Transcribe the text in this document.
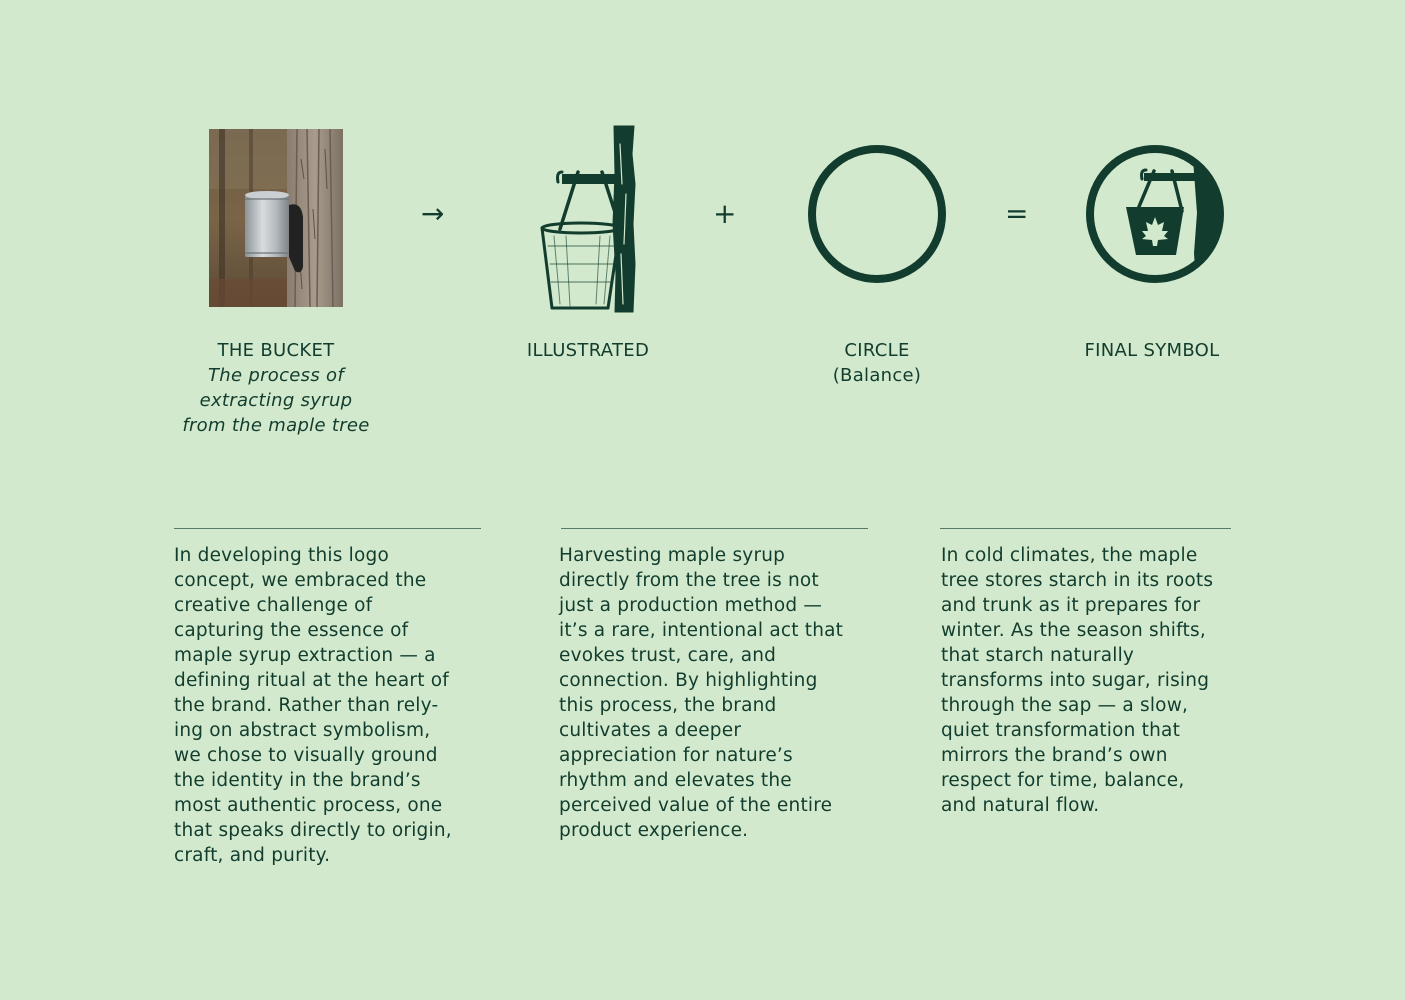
→	+	=
THE BUCKET
The process of
extracting syrup
from the maple tree
ILLUSTRATED	CIRCLE
(Balance)
FINAL SYMBOL

In developing this logo
concept, we embraced the
creative challenge of
capturing the essence of
maple syrup extraction — a
defining ritual at the heart of
the brand. Rather than rely-
ing on abstract symbolism,
we chose to visually ground
the identity in the brand’s
most authentic process, one
that speaks directly to origin,
craft, and purity.

Harvesting maple syrup
directly from the tree is not
just a production method —
it’s a rare, intentional act that
evokes trust, care, and
connection. By highlighting
this process, the brand
cultivates a deeper
appreciation for nature’s
rhythm and elevates the
perceived value of the entire
product experience.

In cold climates, the maple
tree stores starch in its roots
and trunk as it prepares for
winter. As the season shifts,
that starch naturally
transforms into sugar, rising
through the sap — a slow,
quiet transformation that
mirrors the brand’s own
respect for time, balance,
and natural flow.
